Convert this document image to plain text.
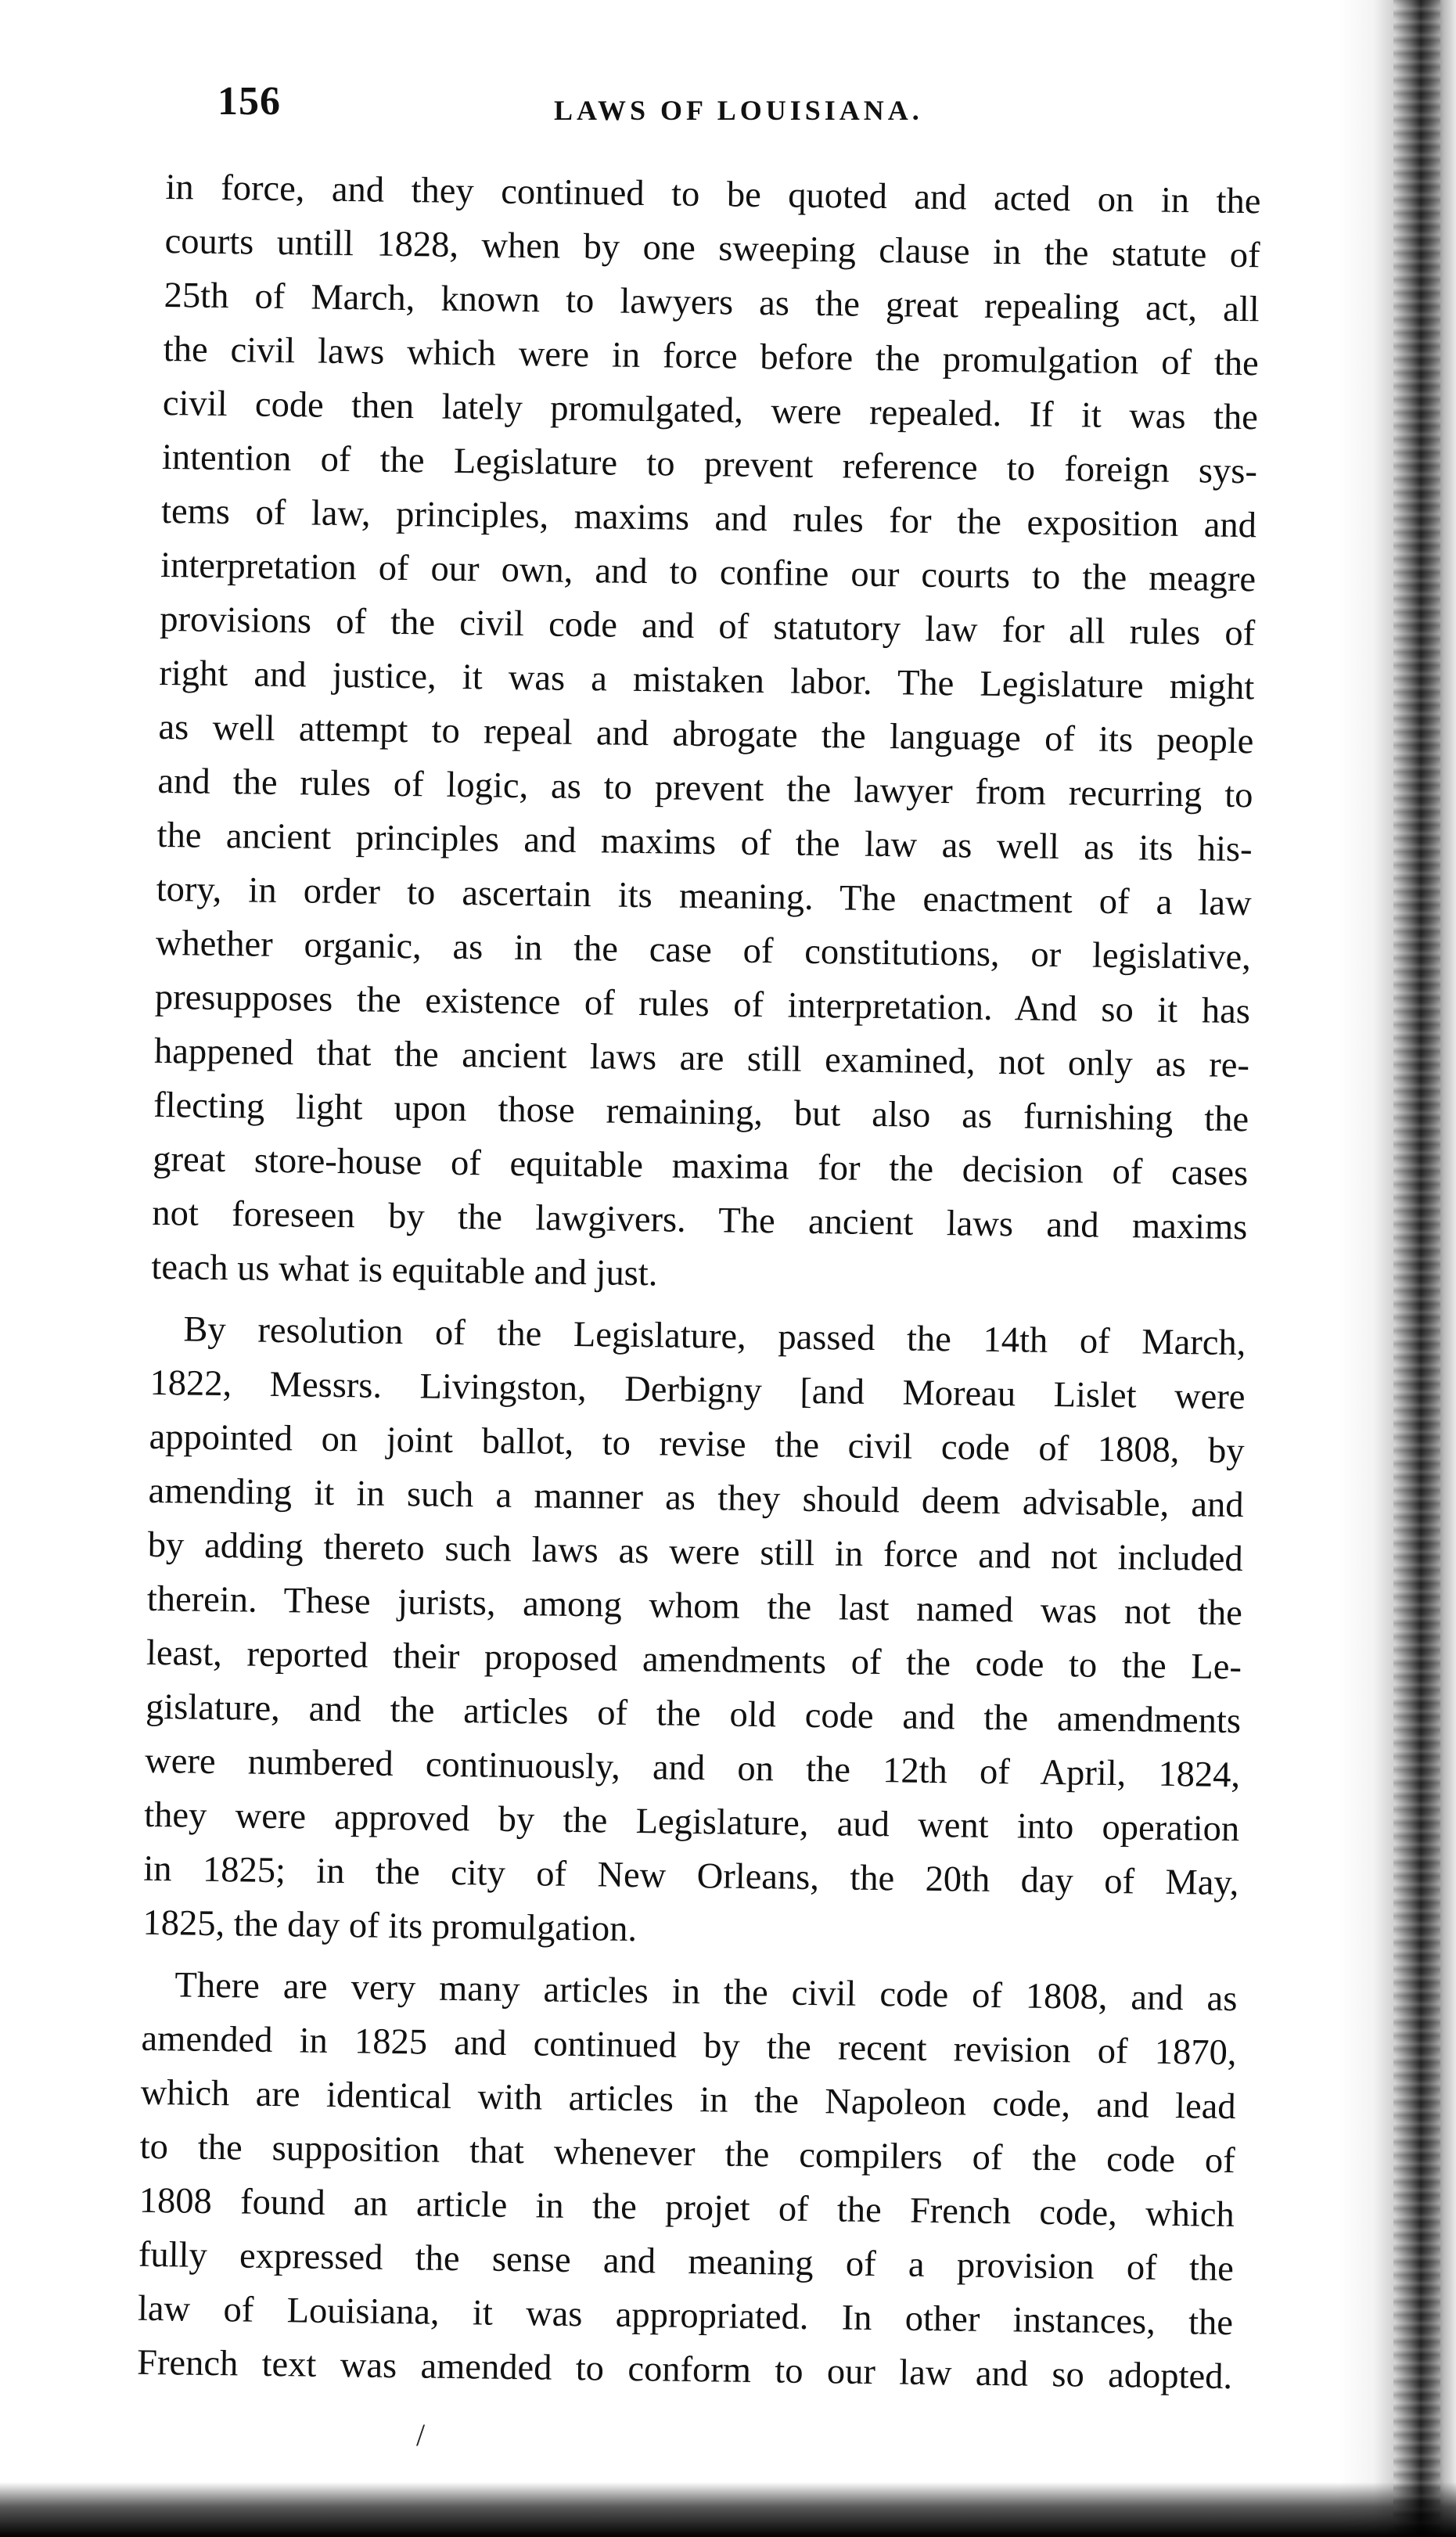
156	LAWS OF LOUISIANA.
in force, and they continued to be quoted and acted on in the
courts untill 1828, when by one sweeping clause in the statute of
25th of March, known to lawyers as the great repealing act, all
the civil laws which were in force before the promulgation of the
civil code then lately promulgated, were repealed. If it was the
intention of the Legislature to prevent reference to foreign sys-
tems of law, principles, maxims and rules for the exposition and
interpretation of our own, and to confine our courts to the meagre
provisions of the civil code and of statutory law for all rules of
right and justice, it was a mistaken labor. The Legislature might
as well attempt to repeal and abrogate the language of its people
and the rules of logic, as to prevent the lawyer from recurring to
the ancient principles and maxims of the law as well as its his-
tory, in order to ascertain its meaning. The enactment of a law
whether organic, as in the case of constitutions, or legislative,
presupposes the existence of rules of interpretation. And so it has
happened that the ancient laws are still examined, not only as re-
flecting light upon those remaining, but also as furnishing the
great store-house of equitable maxima for the decision of cases
not foreseen by the lawgivers. The ancient laws and maxims
teach us what is equitable and just.
By resolution of the Legislature, passed the 14th of March,
1822, Messrs. Livingston, Derbigny [and Moreau Lislet were
appointed on joint ballot, to revise the civil code of 1808, by
amending it in such a manner as they should deem advisable, and
by adding thereto such laws as were still in force and not included
therein. These jurists, among whom the last named was not the
least, reported their proposed amendments of the code to the Le-
gislature, and the articles of the old code and the amendments
were numbered continuously, and on the 12th of April, 1824,
they were approved by the Legislature, aud went into operation
in 1825; in the city of New Orleans, the 20th day of May,
1825, the day of its promulgation.
There are very many articles in the civil code of 1808, and as
amended in 1825 and continued by the recent revision of 1870,
which are identical with articles in the Napoleon code, and lead
to the supposition that whenever the compilers of the code of
1808 found an article in the projet of the French code, which
fully expressed the sense and meaning of a provision of the
law of Louisiana, it was appropriated. In other instances, the
French text was amended to conform to our law and so adopted.
/
